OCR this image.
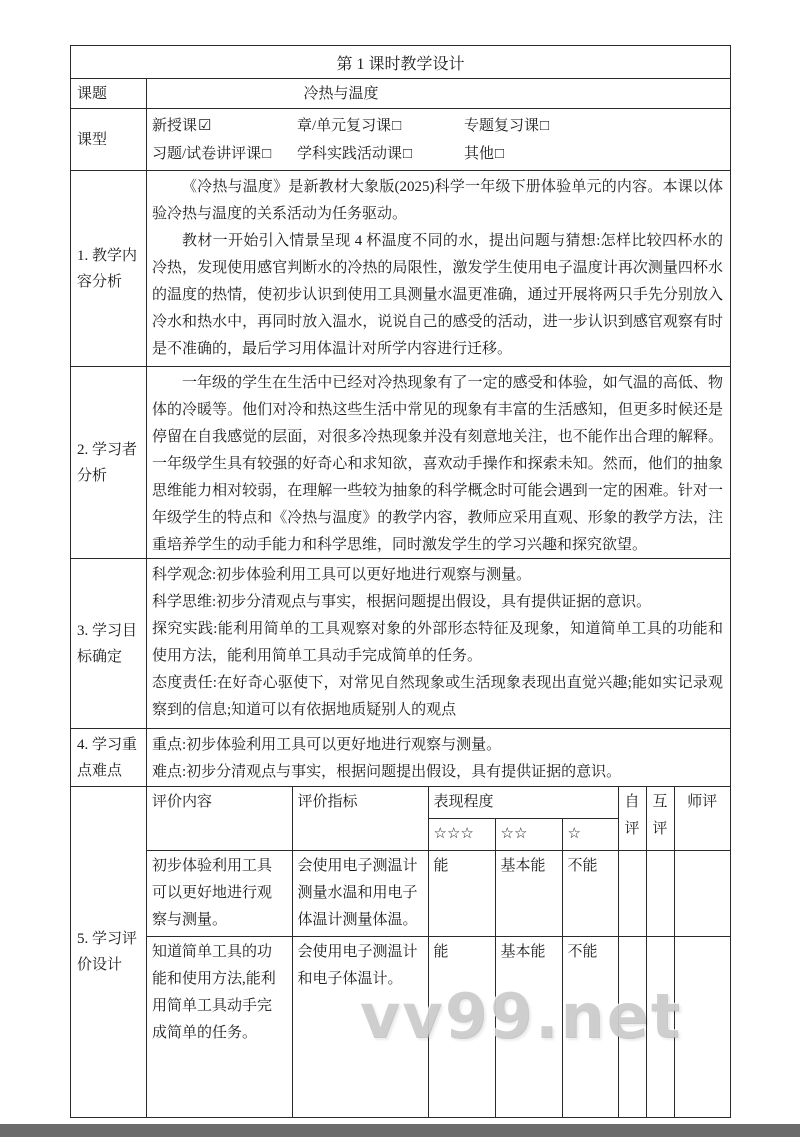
第 1 课时教学设计
课题	冷热与温度
课型
新授课☑	章/单元复习课□	专题复习课□
习题/试卷讲评课□	学科实践活动课□	其他□
1. 教学内容分析

《冷热与温度》是新教材大象版(2025)科学一年级下册体验单元的内容。本课以体验冷热与温度的关系活动为任务驱动。

教材一开始引入情景呈现 4 杯温度不同的水，提出问题与猜想:怎样比较四杯水的冷热，发现使用感官判断水的冷热的局限性，激发学生使用电子温度计再次测量四杯水的温度的热情，使初步认识到使用工具测量水温更准确，通过开展将两只手先分别放入冷水和热水中，再同时放入温水，说说自己的感受的活动，进一步认识到感官观察有时是不准确的，最后学习用体温计对所学内容进行迁移。

2. 学习者分析

一年级的学生在生活中已经对冷热现象有了一定的感受和体验，如气温的高低、物体的冷暖等。他们对冷和热这些生活中常见的现象有丰富的生活感知，但更多时候还是停留在自我感觉的层面，对很多冷热现象并没有刻意地关注，也不能作出合理的解释。一年级学生具有较强的好奇心和求知欲，喜欢动手操作和探索未知。然而，他们的抽象思维能力相对较弱，在理解一些较为抽象的科学概念时可能会遇到一定的困难。针对一年级学生的特点和《冷热与温度》的教学内容，教师应采用直观、形象的教学方法，注重培养学生的动手能力和科学思维，同时激发学生的学习兴趣和探究欲望。

3. 学习目标确定

科学观念:初步体验利用工具可以更好地进行观察与测量。

科学思维:初步分清观点与事实，根据问题提出假设，具有提供证据的意识。

探究实践:能利用简单的工具观察对象的外部形态特征及现象，知道简单工具的功能和使用方法，能利用简单工具动手完成简单的任务。

态度责任:在好奇心驱使下，对常见自然现象或生活现象表现出直觉兴趣;能如实记录观察到的信息;知道可以有依据地质疑别人的观点

4. 学习重点难点

重点:初步体验利用工具可以更好地进行观察与测量。

难点:初步分清观点与事实，根据问题提出假设，具有提供证据的意识。

5. 学习评价设计
评价内容	评价指标	表现程度			自评	互评	师评
		☆☆☆	☆☆	☆			
初步体验利用工具可以更好地进行观察与测量。	会使用电子测温计测量水温和用电子体温计测量体温。	能	基本能	不能			
知道简单工具的功能和使用方法,能利用简单工具动手完成简单的任务。	会使用电子测温计和电子体温计。	能	基本能	不能			
vv99.net
